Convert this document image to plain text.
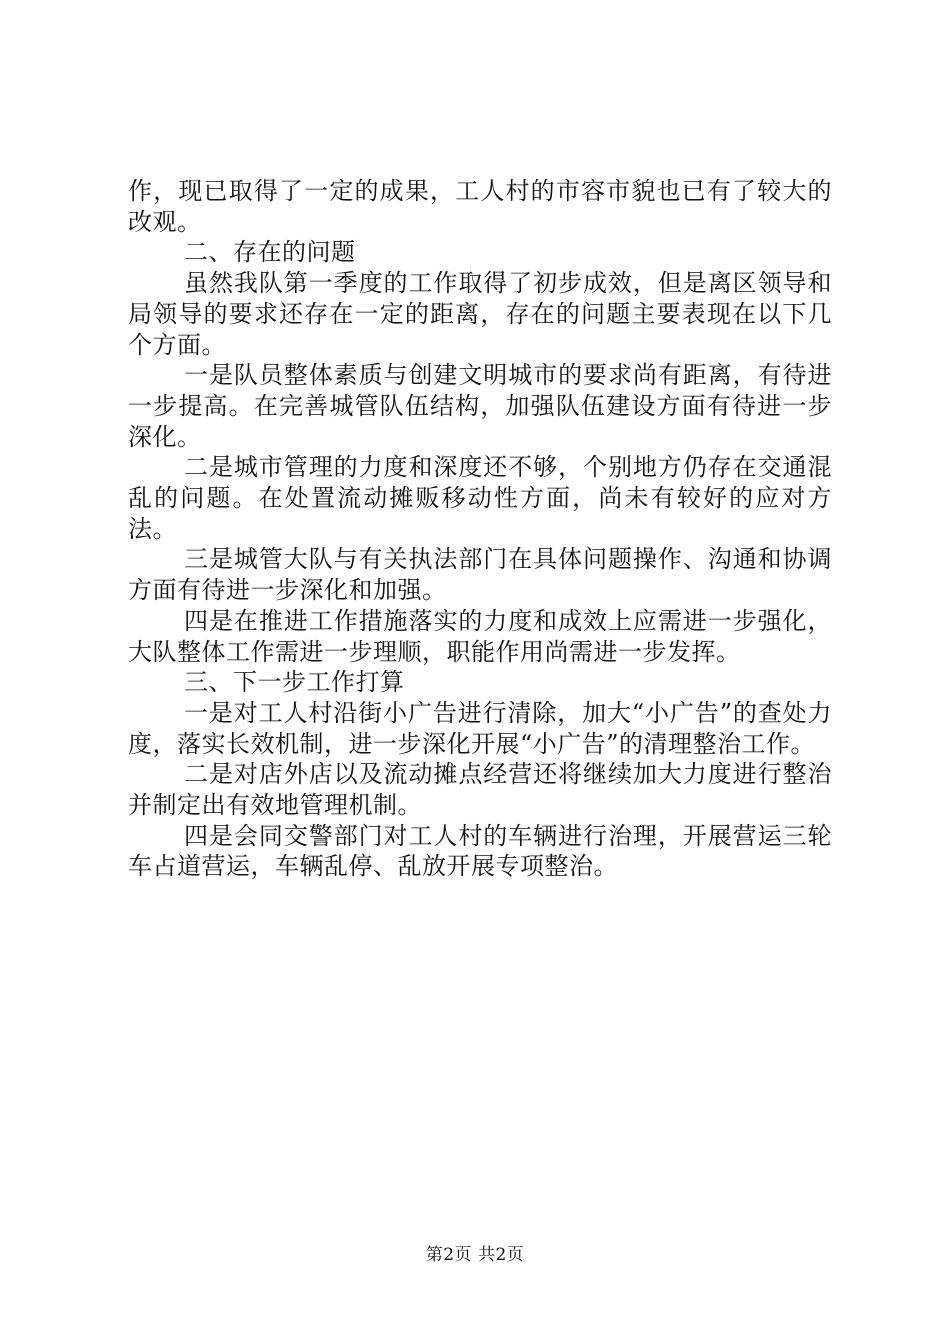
作，现已取得了一定的成果，工人村的市容市貌也已有了较大的改观。

二、存在的问题

虽然我队第一季度的工作取得了初步成效，但是离区领导和局领导的要求还存在一定的距离，存在的问题主要表现在以下几个方面。

一是队员整体素质与创建文明城市的要求尚有距离，有待进一步提高。在完善城管队伍结构，加强队伍建设方面有待进一步深化。

二是城市管理的力度和深度还不够，个别地方仍存在交通混乱的问题。在处置流动摊贩移动性方面，尚未有较好的应对方法。

三是城管大队与有关执法部门在具体问题操作、沟通和协调方面有待进一步深化和加强。

四是在推进工作措施落实的力度和成效上应需进一步强化，大队整体工作需进一步理顺，职能作用尚需进一步发挥。

三、下一步工作打算

一是对工人村沿街小广告进行清除，加大“小广告”的查处力度，落实长效机制，进一步深化开展“小广告”的清理整治工作。

二是对店外店以及流动摊点经营还将继续加大力度进行整治并制定出有效地管理机制。

四是会同交警部门对工人村的车辆进行治理，开展营运三轮车占道营运，车辆乱停、乱放开展专项整治。

第2页 共2页
